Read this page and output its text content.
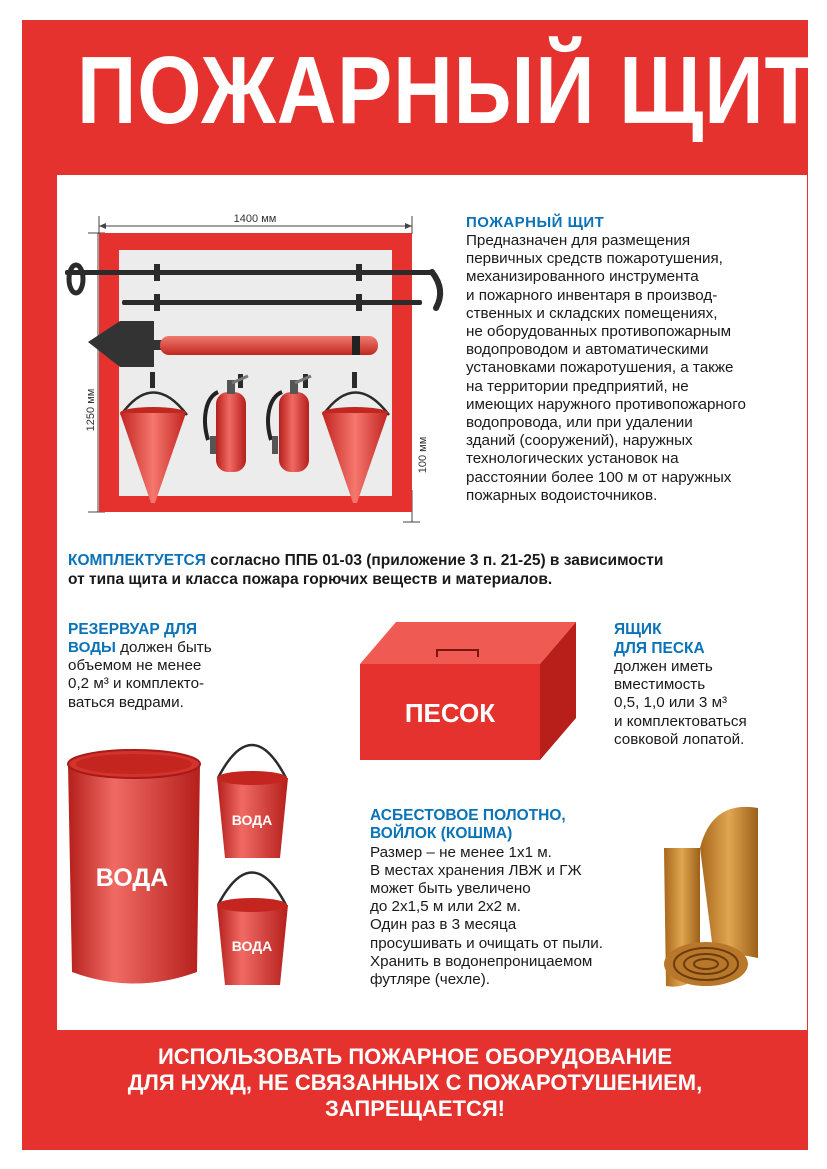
ПОЖАРНЫЙ ЩИТ
1400 мм
1250 мм
100 мм
ПОЖАРНЫЙ ЩИТ
Предназначен для размещения
первичных средств пожаротушения,
механизированного инструмента
и пожарного инвентаря в производ-
ственных и складских помещениях,
не оборудованных противопожарным
водопроводом и автоматическими
установками пожаротушения, а также
на территории предприятий, не
имеющих наружного противопожарного
водопровода, или при удалении
зданий (сооружений), наружных
технологических установок на
расстоянии более 100 м от наружных
пожарных водоисточников.
КОМПЛЕКТУЕТСЯ согласно ППБ 01-03 (приложение 3 п. 21-25) в зависимости
от типа щита и класса пожара горючих веществ и материалов.
РЕЗЕРВУАР ДЛЯ
ВОДЫ должен быть
объемом не менее
0,2 м³ и комплекто-
ваться ведрами.	ПЕСОК
ЯЩИК
ДЛЯ ПЕСКА
должен иметь
вместимость
0,5, 1,0 или 3 м³
и комплектоваться
совковой лопатой.
ВОДА
ВОДА
ВОДА
АСБЕСТОВОЕ ПОЛОТНО,
ВОЙЛОК (КОШМА)
Размер – не менее 1х1 м.
В местах хранения ЛВЖ и ГЖ
может быть увеличено
до 2х1,5 м или 2х2 м.
Один раз в 3 месяца
просушивать и очищать от пыли.
Хранить в водонепроницаемом
футляре (чехле).
ИСПОЛЬЗОВАТЬ ПОЖАРНОЕ ОБОРУДОВАНИЕ
ДЛЯ НУЖД, НЕ СВЯЗАННЫХ С ПОЖАРОТУШЕНИЕМ,
ЗАПРЕЩАЕТСЯ!
